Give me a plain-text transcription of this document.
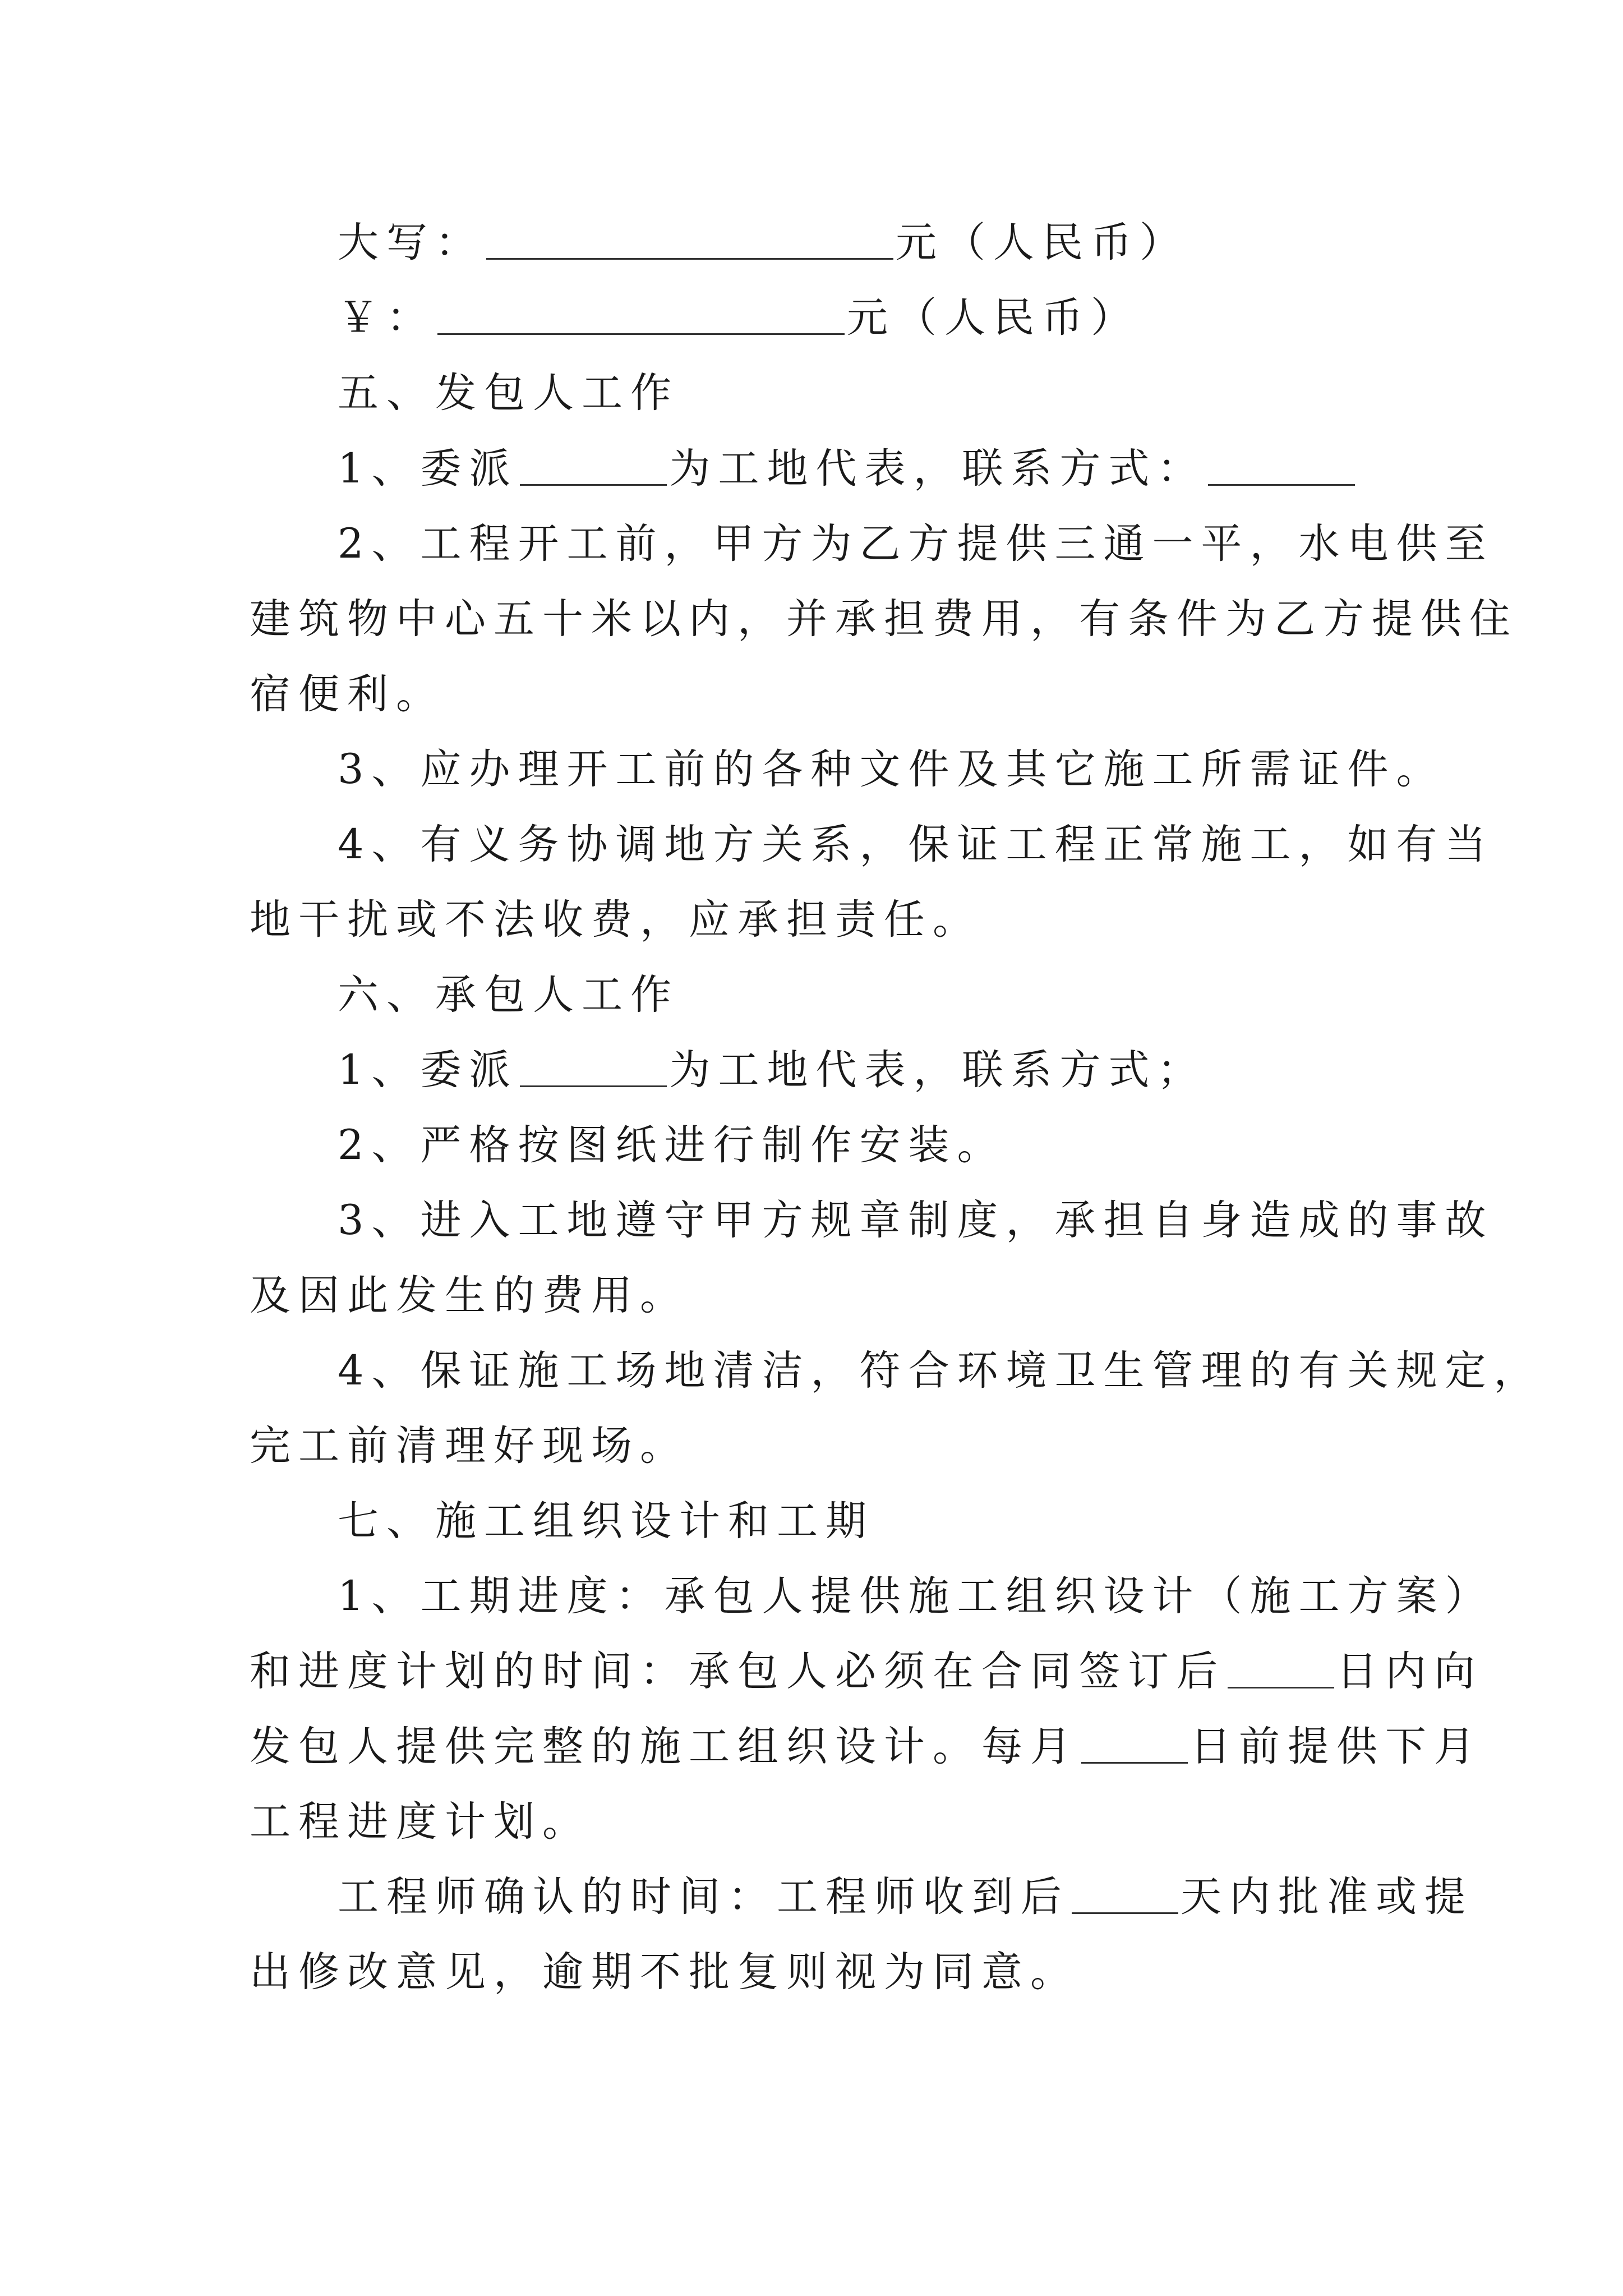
大写：	元（人民币）
￥：	元（人民币）
五、发包人工作
1、委派	为工地代表，联系方式：
2、工程开工前，甲方为乙方提供三通一平，水电供至
建筑物中心五十米以内，并承担费用，有条件为乙方提供住
宿便利。
3、应办理开工前的各种文件及其它施工所需证件。
4、有义务协调地方关系，保证工程正常施工，如有当
地干扰或不法收费，应承担责任。
六、承包人工作
1、委派	为工地代表，联系方式；
2、严格按图纸进行制作安装。
3、进入工地遵守甲方规章制度，承担自身造成的事故
及因此发生的费用。
4、保证施工场地清洁，符合环境卫生管理的有关规定，
完工前清理好现场。
七、施工组织设计和工期
1、工期进度：承包人提供施工组织设计（施工方案）
和进度计划的时间：承包人必须在合同签订后	日内向
发包人提供完整的施工组织设计。每月	日前提供下月
工程进度计划。
工程师确认的时间：工程师收到后	天内批准或提
出修改意见，逾期不批复则视为同意。
